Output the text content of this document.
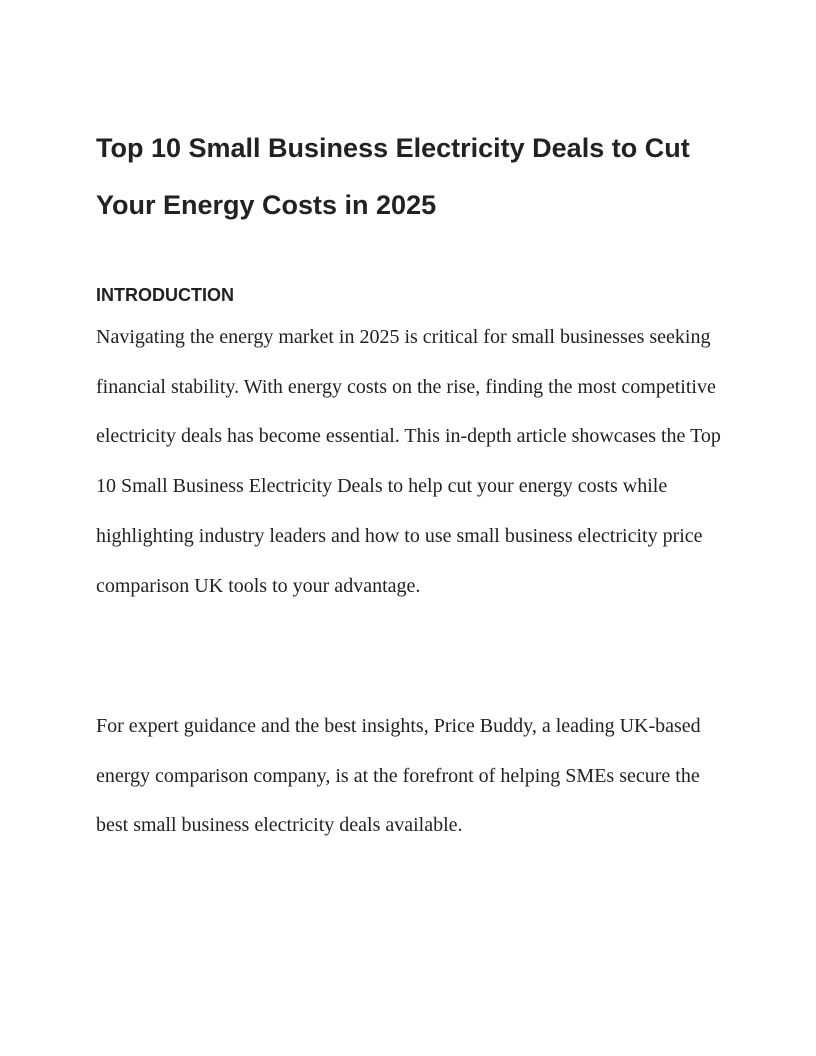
Top 10 Small Business Electricity Deals to Cut Your Energy Costs in 2025
INTRODUCTION

Navigating the energy market in 2025 is critical for small businesses seeking financial stability. With energy costs on the rise, finding the most competitive electricity deals has become essential. This in-depth article showcases the Top 10 Small Business Electricity Deals to help cut your energy costs while highlighting industry leaders and how to use small business electricity price comparison UK tools to your advantage.

For expert guidance and the best insights, Price Buddy, a leading UK-based energy comparison company, is at the forefront of helping SMEs secure the best small business electricity deals available.
